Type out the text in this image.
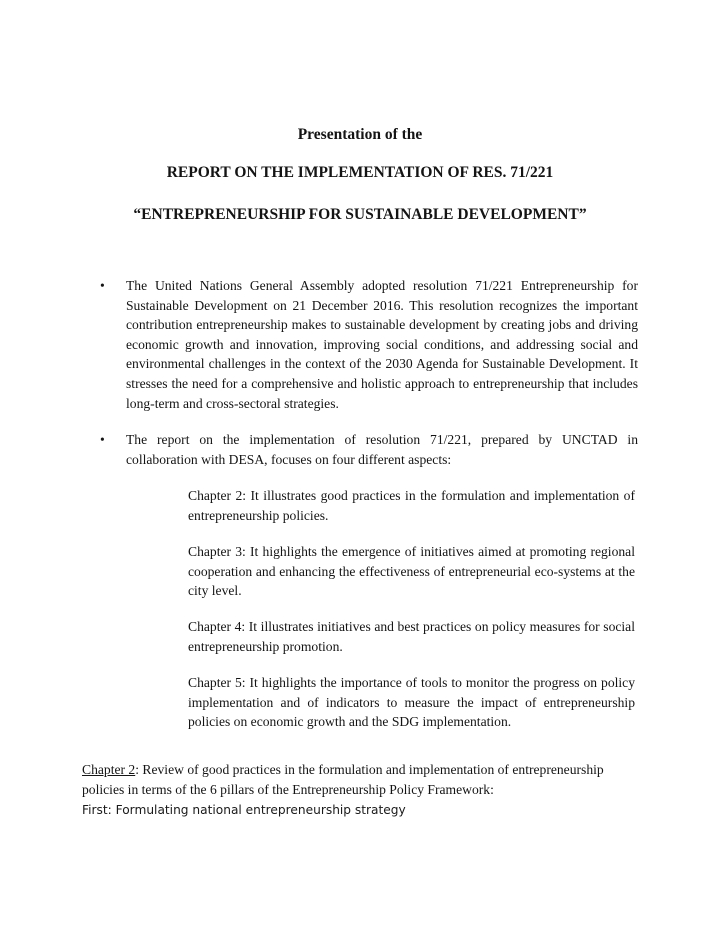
Presentation of the
REPORT ON THE IMPLEMENTATION OF RES. 71/221
“ENTREPRENEURSHIP FOR SUSTAINABLE DEVELOPMENT”
•	The United Nations General Assembly adopted resolution 71/221 Entrepreneurship for Sustainable Development on 21 December 2016. This resolution recognizes the important contribution entrepreneurship makes to sustainable development by creating jobs and driving economic growth and innovation, improving social conditions, and addressing social and environmental challenges in the context of the 2030 Agenda for Sustainable Development. It stresses the need for a comprehensive and holistic approach to entrepreneurship that includes long-term and cross-sectoral strategies.
•	The report on the implementation of resolution 71/221, prepared by UNCTAD in collaboration with DESA, focuses on four different aspects:
Chapter 2: It illustrates good practices in the formulation and implementation of entrepreneurship policies.
Chapter 3: It highlights the emergence of initiatives aimed at promoting regional cooperation and enhancing the effectiveness of entrepreneurial eco-systems at the city level.
Chapter 4: It illustrates initiatives and best practices on policy measures for social entrepreneurship promotion.
Chapter 5: It highlights the importance of tools to monitor the progress on policy implementation and of indicators to measure the impact of entrepreneurship policies on economic growth and the SDG implementation.
Chapter 2: Review of good practices in the formulation and implementation of entrepreneurship policies in terms of the 6 pillars of the Entrepreneurship Policy Framework:
First: Formulating national entrepreneurship strategy
